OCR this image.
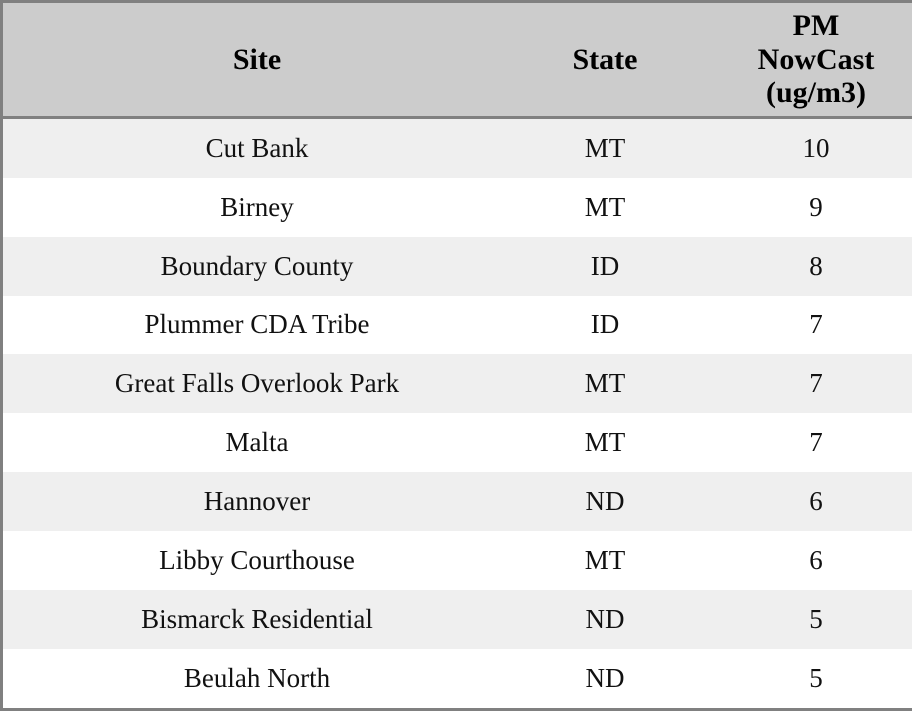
Site	State	PM
NowCast
(ug/m3)

Cut Bank	MT	10
Birney	MT	9
Boundary County	ID	8
Plummer CDA Tribe	ID	7
Great Falls Overlook Park	MT	7
Malta	MT	7
Hannover	ND	6
Libby Courthouse	MT	6
Bismarck Residential	ND	5
Beulah North	ND	5
